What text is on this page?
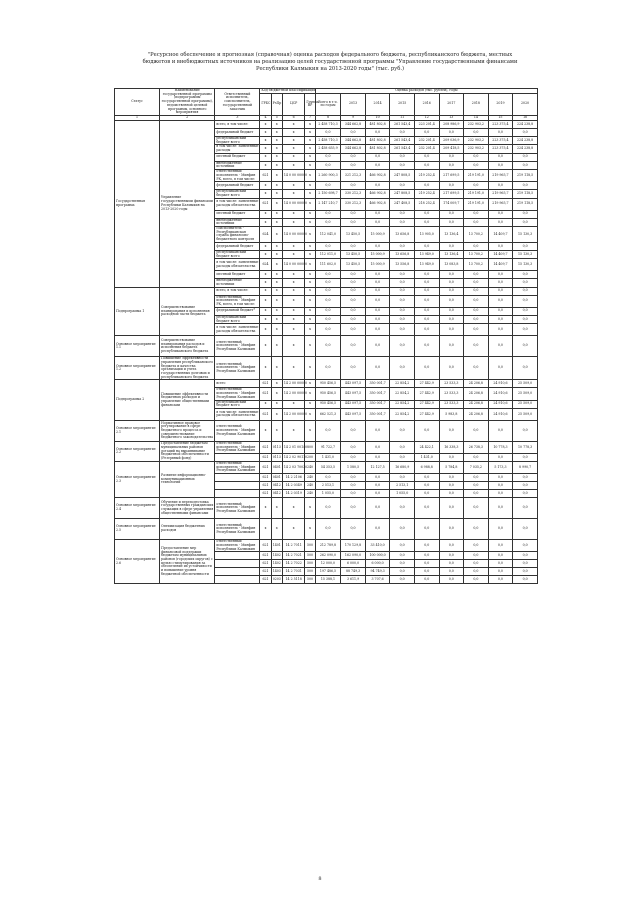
"Ресурсное обеспечение и прогнозная (справочная) оценка расходов федерального бюджета, республиканского бюджета, местных бюджетов и внебюджетных источников на реализацию целей государственной программы "Управление государственными финансами Республики Калмыкия на 2013-2020 годы" (тыс. руб.)
Статус	Наименование государственной программы (подпрограммы государственной программы), ведомственной целевой программы, основного мероприятия	Ответственный исполнитель, соисполнитель, государственный заказчик	Код бюджетной классификации				Оценка расходов (тыс. рублей), годы								
			ГРБС	РзПр	ЦСР	Группа ВР	Всего в т.ч. по годам	2013	2014	2015	2016	2017	2018	2019	2020

1	2	3	4	5	6	7	8	9	10	11	12	13	14	15	16
Государственная программа	Управление государственными финансами Республики Калмыкия на 2013-2020 годы	всего, в том числе:	х	х	х	х	2 458 710,3	344 662,8	481 802,8	261 543,4	223 201,4	208 986,9	232 903,2	223 375,4	224 238,8
		федеральный бюджет	х	х	х	х	0,0	0,0	0,0	0,0	0,0	0,0	0,0	0,0	0,0
		республиканский бюджет всего	х	х	х	х	2 458 710,3	344 662,8	481 802,8	261 543,4	232 201,4	209 036,9	232 903,2	223 375,4	224 238,8
		в том числе: заявленные расходы	х	х	х	х	2 458 655,9	344 662,8	481 802,8	261 543,4	232 201,4	209 418,5	232 903,2	223 375,4	224 238,8
		местный бюджет	х	х	х	х	0,0	0,0	0,0	0,0	0,0	0,0	0,0	0,0	0,0
		внебюджетные источники	х	х	х	х	0,0	0,0	0,0	0,0	0,0	0,0	0,0	0,0	0,0
		ответственный исполнитель - Минфин РК, всего, в том числе:	621	х	14 0 00 00000	х	2 260 900,3	321 212,3	466 902,8	247 808,5	219 252,4	217 699,5	219 191,0	219 965,7	219 118,5
		федеральный бюджет	х	х	х	х	0,0	0,0	0,0	0,0	0,0	0,0	0,0	0,0	0,0
		республиканский бюджет всего	х	х	х	х	2 150 698,7	330 212,3	466 902,8	247 808,5	219 252,4	217 699,5	219 191,0	219 965,7	219 118,5
		в том числе: заявленные расходы обязательства	621	х	14 0 00 00000	х	2 147 210,7	330 212,3	466 902,8	247 408,5	218 252,4	174 009,7	219 191,0	219 965,7	219 118,5
		местный бюджет	х	х	х	х	0,0	0,0	0,0	0,0	0,0	0,0	0,0	0,0	0,0
		внебюджетные источники	х	х	х	х	0,0	0,0	0,0	0,0	0,0	0,0	0,0	0,0	0,0
		соисполнитель - Республиканская служба финансово-бюджетного контроля	624	х	14 0 00 00000	х	112 041,0	13 450,5	15 000,9	13 656,8	13 905,0	13 136,4	13 700,2	14 409,7	15 130,3
		федеральный бюджет	х	х	х	х	0,0	0,0	0,0	0,0	0,0	0,0	0,0	0,0	0,0
		республиканский бюджет всего	х	х	х	х	112 011,0	13 450,5	15 000,9	13 656,8	13 949,0	13 136,4	13 700,2	14 409,7	15 130,3
		в том числе: заявленные расходы обязательства	624	х	14 0 00 00000	х	111 602,0	13 450,5	15 000,9	13 556,8	13 949,0	13 083,8	13 700,2	14 409,7	15 130,3
		местный бюджет	х	х	х	х	0,0	0,0	0,0	0,0	0,0	0,0	0,0	0,0	0,0
		внебюджетные источники	х	х	х	х	0,0	0,0	0,0	0,0	0,0	0,0	0,0	0,0	0,0
Подпрограмма 1	Совершенствование планирования и исполнения расходной части бюджета	всего, в том числе:	х	х	х	х	0,0	0,0	0,0	0,0	0,0	0,0	0,0	0,0	0,0
		ответственный исполнитель - Минфин РК, всего, в том числе:	х	х	х	х	0,0	0,0	0,0	0,0	0,0	0,0	0,0	0,0	0,0
		федеральный бюджет*	х	х	х	х	0,0	0,0	0,0	0,0	0,0	0,0	0,0	0,0	0,0
		республиканский бюджет всего	х	х	х	х	0,0	0,0	0,0	0,0	0,0	0,0	0,0	0,0	0,0
		в том числе: заявленные расходы обязательства	х	х	х	х	0,0	0,0	0,0	0,0	0,0	0,0	0,0	0,0	0,0
Основное мероприятие 1.1	Совершенствование планирования расходов и исполнения бюджета республиканского бюджета	ответственный исполнитель - Минфин Республики Калмыкия	х	х	х	х	0,0	0,0	0,0	0,0	0,0	0,0	0,0	0,0	0,0
Основное мероприятие 1.2	Повышение эффективности управления республиканского бюджета и качества организации и учета государственных долговых и республиканского бюджета	ответственный исполнитель - Минфин Республики Калмыкия	х	х	х	х	0,0	0,0	0,0	0,0	0,0	0,0	0,0	0,0	0,0
Подпрограмма 2	Повышение эффективности бюджетных расходов и управление общественными финансами	всего	621	х	14 2 00 00000	х	950 456,5	443 097,5	350 001,7	22 854,2	27 442,9	23 533,3	24 206,8	24 910,6	25 509,0
		ответственный исполнитель - Минфин Республики Калмыкия	621	х	14 2 00 00000	х	950 456,5	443 097,5	350 001,7	22 854,2	27 442,9	23 533,3	24 206,8	24 910,6	25 509,0
		республиканский бюджет всего	х	х	х	х	950 456,5	443 097,5	350 001,7	22 854,2	27 442,9	23 533,3	24 206,8	24 910,6	25 509,0
		в том числе: заявленные расходы обязательства	621	х	14 2 00 00000	х	662 521,3	443 097,5	350 001,7	22 854,2	27 442,9	5 983,8	24 206,8	24 910,6	25 509,0
Основное мероприятие 2.1	Нормативное правовое регулирование в сфере бюджетного процесса и совершенствование бюджетного законодательства	ответственный исполнитель - Минфин Республики Калмыкия	х	х	х	х	0,0	0,0	0,0	0,0	0,0	0,0	0,0	0,0	0,0
Основное мероприятие 2.2	Предоставление бюджетам муниципальных районов дотаций на выравнивание бюджетной обеспеченности (Резервный фонд)	ответственный исполнитель - Минфин Республики Калмыкия	621	0113	14 2 01 00140	800	91 722,7	0,0	0,0	0,0	24 422,1	16 338,3	26 738,3	10 778,3	10 778,3
			621	0113	14 2 02 90110	200	1 431,0	0,0	0,0	0,0	1 431,0	0,0	0,0	0,0	0,0
Основное мероприятие 2.3	Развитие информационно-коммуникационных технологий	ответственный исполнитель - Минфин Республики Калмыкия	621	0401	14 2 03 70030	240	54 353,5	1 580,5	12 127,5	16 680,9	6 988,8	5 784,8	7 035,2	5 173,3	8 990,7
			621	0401	14 2 2106	240	0,0	0,0	0,0	0,0	0,0	0,0	0,0	0,0	0,0
			621	0412	14 2 0349	240	2 513,1	0,0	0,0	2 513,1	0,0	0,0	0,0	0,0	0,0
			621	0412	14 2 0319	240	1 055,0	0,0	0,0	1 055,0	0,0	0,0	0,0	0,0	0,0
Основное мероприятие 2.4	Обучение и переподготовка государственных гражданских служащих в сфере управления общественными финансами	ответственный исполнитель - Минфин Республики Калмыкия	х	х	х	х	0,0	0,0	0,0	0,0	0,0	0,0	0,0	0,0	0,0
Основное мероприятие 2.5	Оптимизация бюджетных расходов	ответственный исполнитель - Минфин Республики Калмыкия	х	х	х	х	0,0	0,0	0,0	0,0	0,0	0,0	0,0	0,0	0,0
Основное мероприятие 2.6	Предоставление мер финансовой поддержки бюджетам муниципальных районов (городских округов) с целью стимулирования за обеспечение их устойчивости и повышение уровня бюджетной обеспеченности	ответственный исполнитель - Минфин Республики Калмыкия	621	1401	14 2 7011	500	212 789,8	170 129,8	33 410,0	0,0	0,0	0,0	0,0	0,0	0,0
			621	1402	14 2 7021	500	262 090,0	162 090,0	100 000,0	0,0	0,0	0,0	0,0	0,0	0,0
			621	1402	14 2 7022	500	12 000,0	6 000,0	6 000,0	0,0	0,0	0,0	0,0	0,0	0,0
			621	1403	14 2 7031	500	197 486,5	88 749,3	94 749,3	0,0	0,0	0,0	0,0	0,0	0,0
			621	0203	14 2 5118	500	15 388,1	3 611,9	3 707,6	0,0	0,0	0,0	0,0	0,0	0,0
8
